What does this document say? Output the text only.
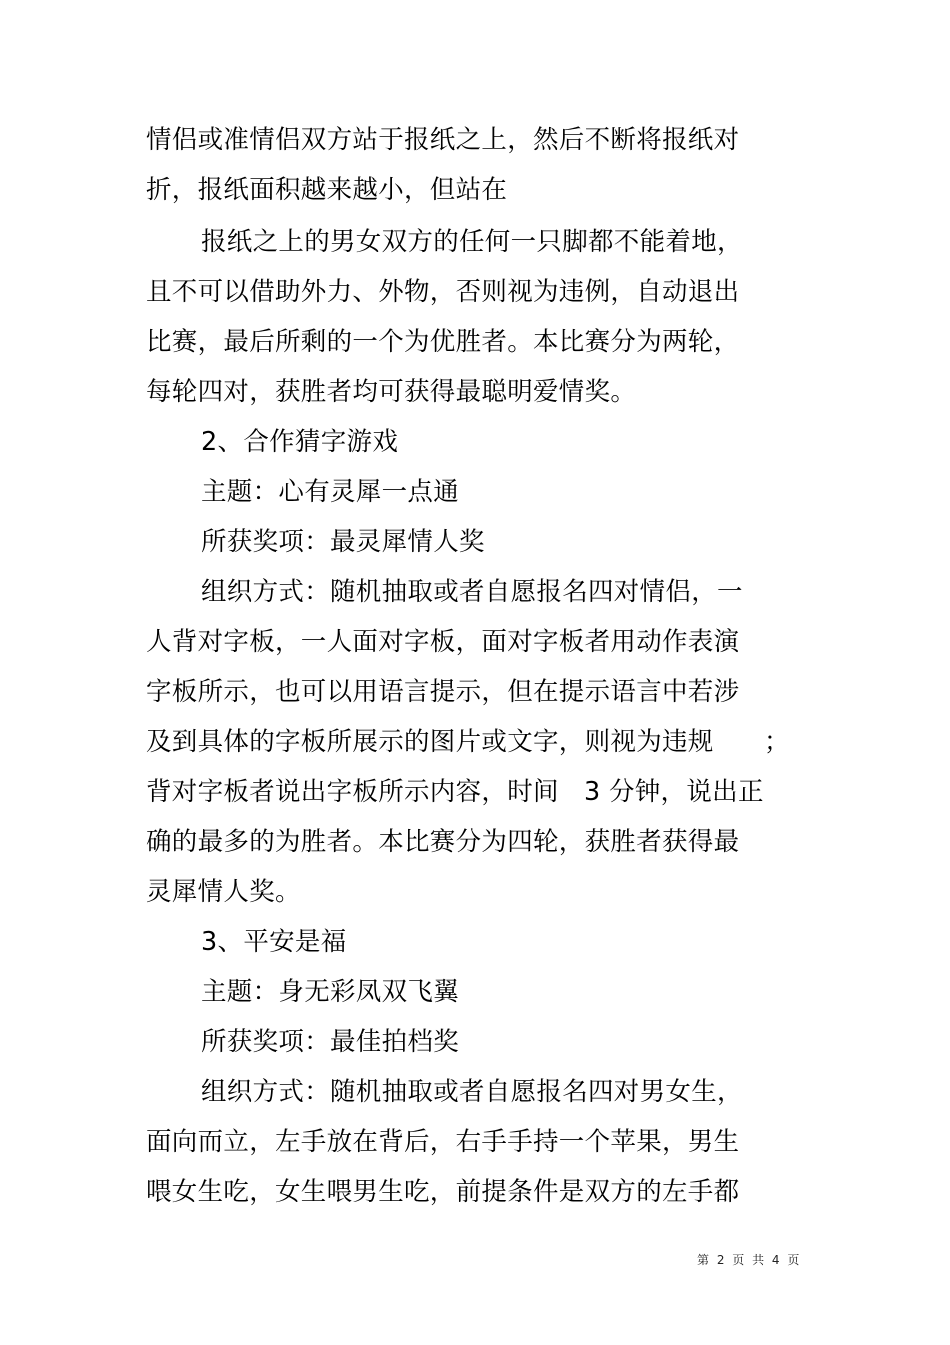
情侣或准情侣双方站于报纸之上，然后不断将报纸对

折，报纸面积越来越小，但站在

报纸之上的男女双方的任何一只脚都不能着地，

且不可以借助外力、外物，否则视为违例，自动退出

比赛，最后所剩的一个为优胜者。本比赛分为两轮，

每轮四对，获胜者均可获得最聪明爱情奖。

2、合作猜字游戏

主题：心有灵犀一点通

所获奖项：最灵犀情人奖

组织方式：随机抽取或者自愿报名四对情侣，一

人背对字板，一人面对字板，面对字板者用动作表演

字板所示，也可以用语言提示，但在提示语言中若涉

及到具体的字板所展示的图片或文字，则视为违规      ；

背对字板者说出字板所示内容，时间   3 分钟，说出正

确的最多的为胜者。本比赛分为四轮，获胜者获得最

灵犀情人奖。

3、平安是福

主题：身无彩凤双飞翼

所获奖项：最佳拍档奖

组织方式：随机抽取或者自愿报名四对男女生，

面向而立，左手放在背后，右手手持一个苹果，男生

喂女生吃，女生喂男生吃，前提条件是双方的左手都

第 2 页 共 4 页
